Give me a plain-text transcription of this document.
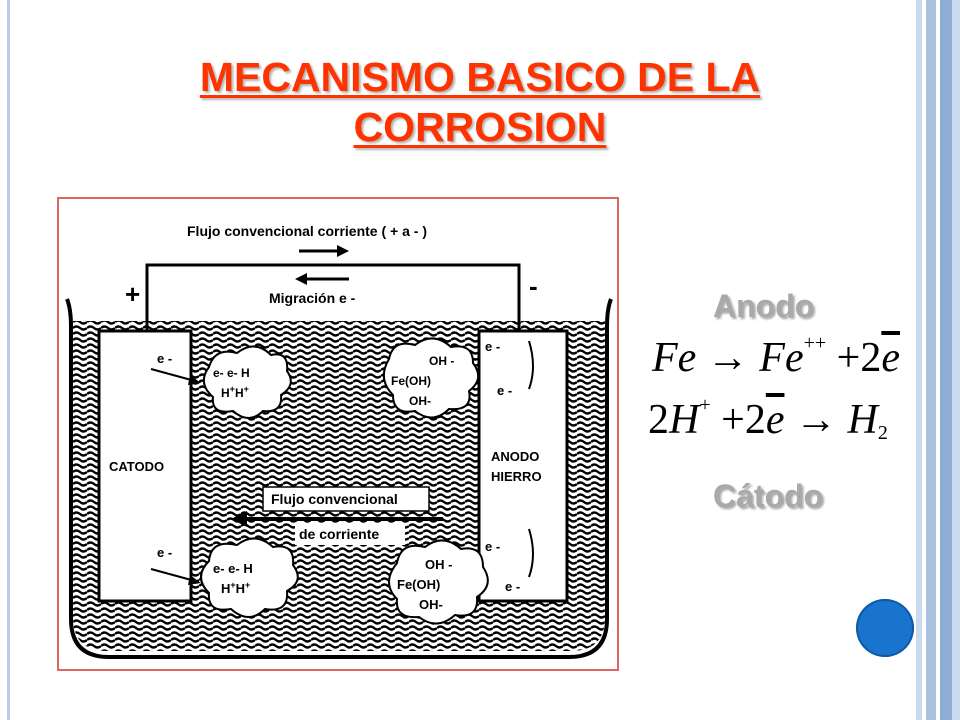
MECANISMO BASICO DE LA
CORROSION
Flujo convencional corriente ( + a - )
Migración e -
+	-
CATODO
ANODO
HIERRO
e -
e -
e -
e -
e -
e -
e- e- H
H+H+
e- e- H
H+H+
OH -
Fe(OH)
OH-
OH -
Fe(OH)
OH-
Flujo convencional
de corriente
Anodo
$Fe \to Fe^{++} +2\overline{e}$
$2H^+ +2\overline{e} \to H_2$
Cátodo
